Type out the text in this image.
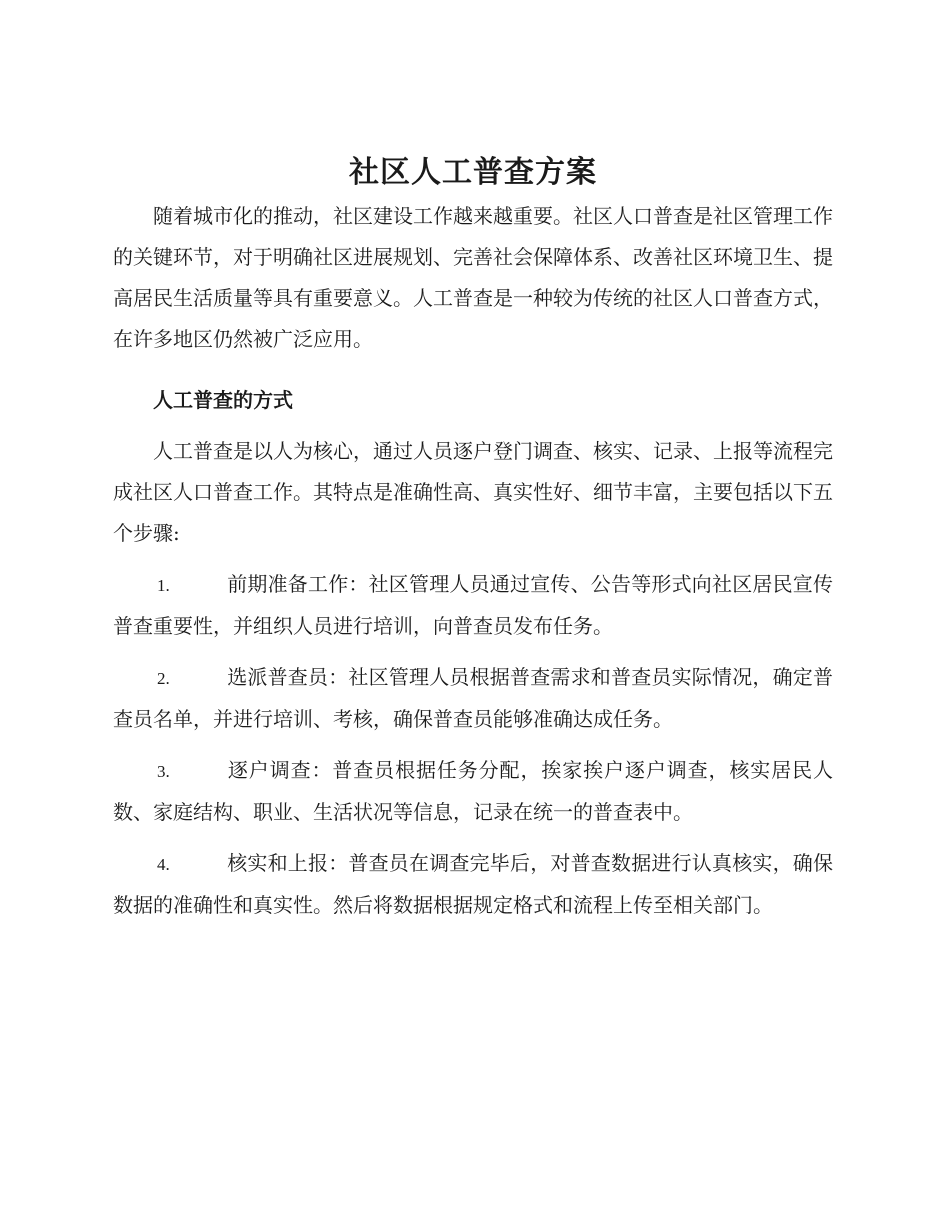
社区人工普查方案

随着城市化的推动，社区建设工作越来越重要。社区人口普查是社区管理工作的关键环节，对于明确社区进展规划、完善社会保障体系、改善社区环境卫生、提高居民生活质量等具有重要意义。人工普查是一种较为传统的社区人口普查方式，在许多地区仍然被广泛应用。

人工普查的方式

人工普查是以人为核心，通过人员逐户登门调查、核实、记录、上报等流程完成社区人口普查工作。其特点是准确性高、真实性好、细节丰富，主要包括以下五个步骤:

1.	前期准备工作：社区管理人员通过宣传、公告等形式向社区居民宣传普查重要性，并组织人员进行培训，向普查员发布任务。
2.	选派普查员：社区管理人员根据普查需求和普查员实际情况，确定普查员名单，并进行培训、考核，确保普查员能够准确达成任务。
3.	逐户调查：普查员根据任务分配，挨家挨户逐户调查，核实居民人数、家庭结构、职业、生活状况等信息，记录在统一的普查表中。
4.	核实和上报：普查员在调查完毕后，对普查数据进行认真核实，确保数据的准确性和真实性。然后将数据根据规定格式和流程上传至相关部门。
